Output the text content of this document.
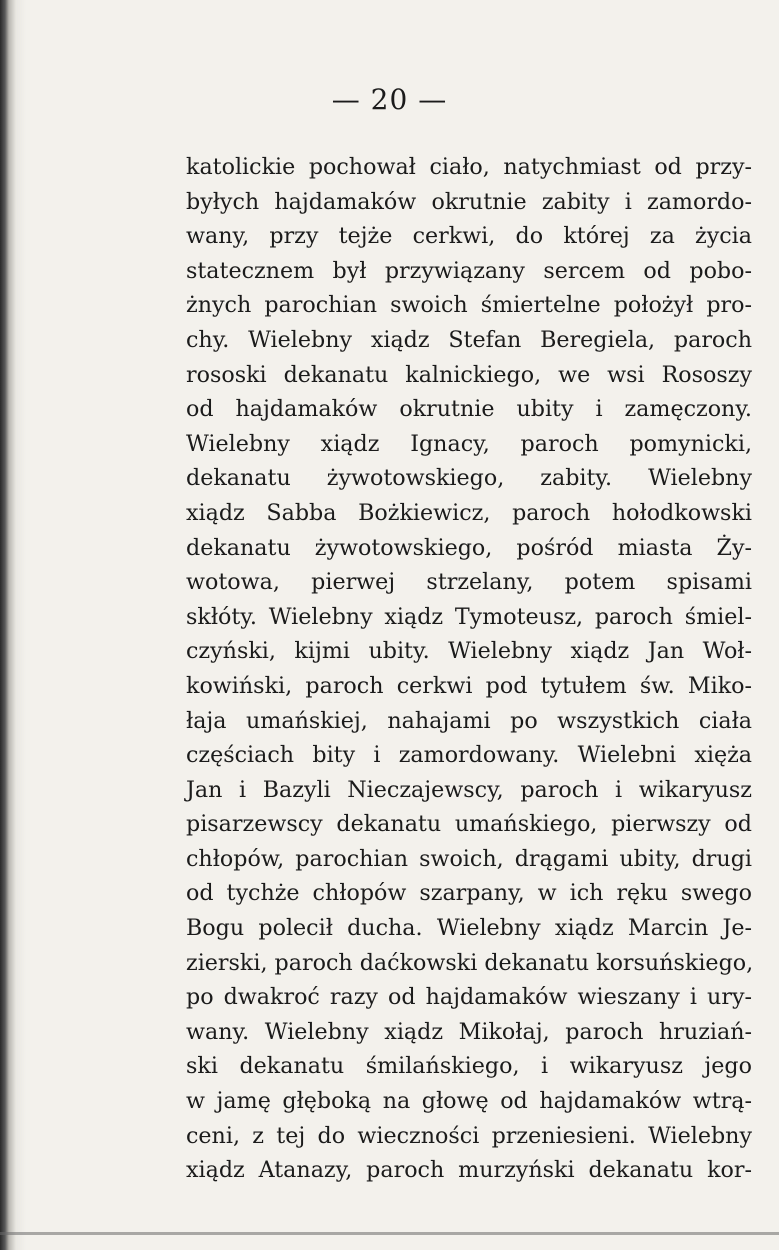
— 20 —
katolickie pochował ciało, natychmiast od przy-
byłych hajdamaków okrutnie zabity i zamordo-
wany, przy tejże cerkwi, do której za życia
statecznem był przywiązany sercem od pobo-
żnych parochian swoich śmiertelne położył pro-
chy. Wielebny xiądz Stefan Beregiela, paroch
rososki dekanatu kalnickiego, we wsi Rososzy
od hajdamaków okrutnie ubity i zamęczony.
Wielebny xiądz Ignacy, paroch pomynicki,
dekanatu żywotowskiego, zabity. Wielebny
xiądz Sabba Bożkiewicz, paroch hołodkowski
dekanatu żywotowskiego, pośród miasta Ży-
wotowa, pierwej strzelany, potem spisami
skłóty. Wielebny xiądz Tymoteusz, paroch śmiel-
czyński, kijmi ubity. Wielebny xiądz Jan Woł-
kowiński, paroch cerkwi pod tytułem św. Miko-
łaja umańskiej, nahajami po wszystkich ciała
częściach bity i zamordowany. Wielebni xięża
Jan i Bazyli Nieczajewscy, paroch i wikaryusz
pisarzewscy dekanatu umańskiego, pierwszy od
chłopów, parochian swoich, drągami ubity, drugi
od tychże chłopów szarpany, w ich ręku swego
Bogu polecił ducha. Wielebny xiądz Marcin Je-
zierski, paroch daćkowski dekanatu korsuńskiego,
po dwakroć razy od hajdamaków wieszany i ury-
wany. Wielebny xiądz Mikołaj, paroch hruziań-
ski dekanatu śmilańskiego, i wikaryusz jego
w jamę głęboką na głowę od hajdamaków wtrą-
ceni, z tej do wieczności przeniesieni. Wielebny
xiądz Atanazy, paroch murzyński dekanatu kor-
